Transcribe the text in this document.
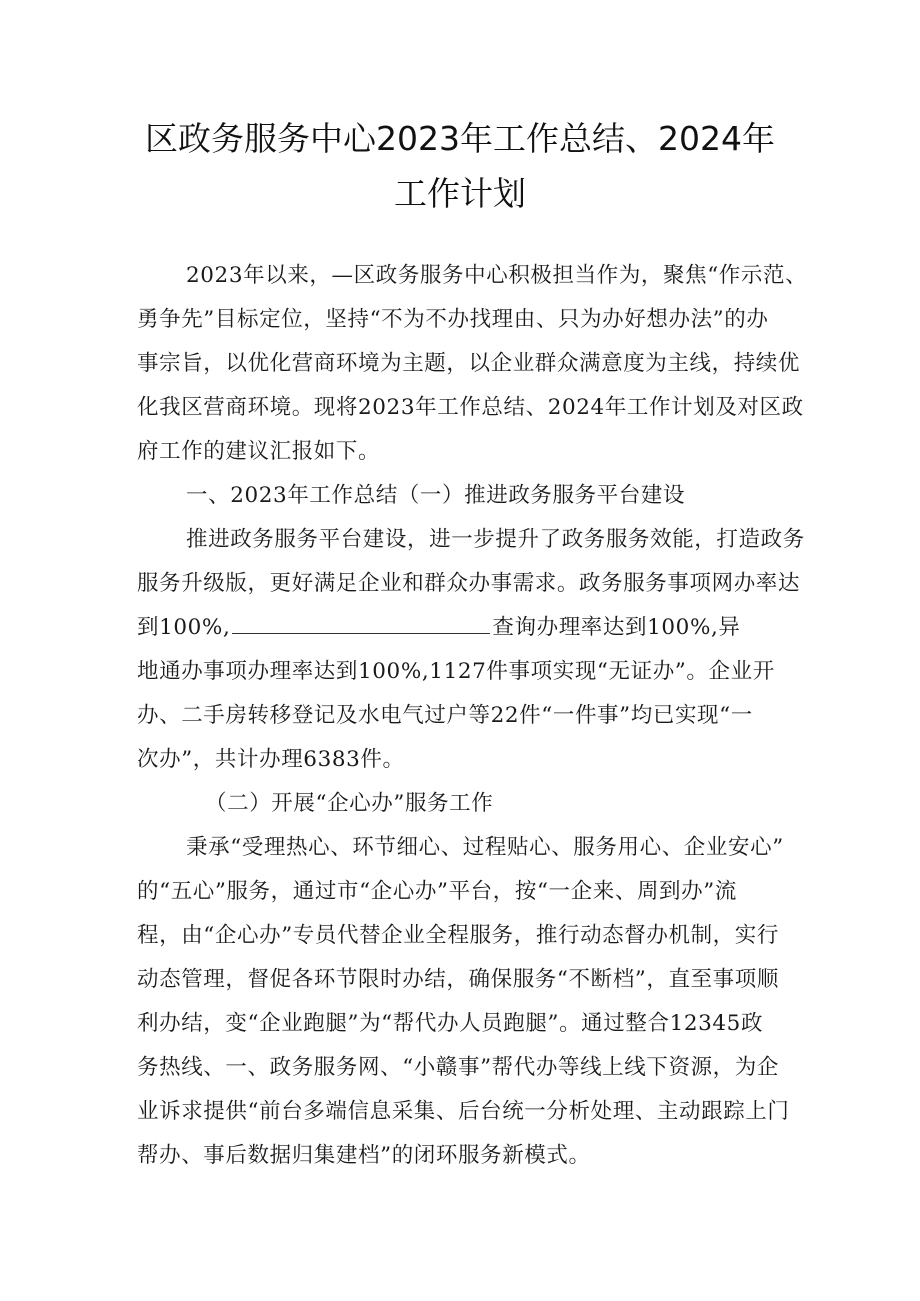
区政务服务中心2023年工作总结、2024年
工作计划
2023年以来，—区政务服务中心积极担当作为，聚焦“作示范、
勇争先”目标定位，坚持“不为不办找理由、只为办好想办法”的办
事宗旨，以优化营商环境为主题，以企业群众满意度为主线，持续优
化我区营商环境。现将2023年工作总结、2024年工作计划及对区政
府工作的建议汇报如下。
一、2023年工作总结（一）推进政务服务平台建设
推进政务服务平台建设，进一步提升了政务服务效能，打造政务
服务升级版，更好满足企业和群众办事需求。政务服务事项网办率达
到100%,	查询办理率达到100%,异
地通办事项办理率达到100%,1127件事项实现“无证办”。企业开
办、二手房转移登记及水电气过户等22件“一件事”均已实现“一
次办”，共计办理6383件。
（二）开展“企心办”服务工作
秉承“受理热心、环节细心、过程贴心、服务用心、企业安心”
的“五心”服务，通过市“企心办”平台，按“一企来、周到办”流
程，由“企心办”专员代替企业全程服务，推行动态督办机制，实行
动态管理，督促各环节限时办结，确保服务“不断档”，直至事项顺
利办结，变“企业跑腿”为“帮代办人员跑腿”。通过整合12345政
务热线、一、政务服务网、“小赣事”帮代办等线上线下资源，为企
业诉求提供“前台多端信息采集、后台统一分析处理、主动跟踪上门
帮办、事后数据归集建档”的闭环服务新模式。
